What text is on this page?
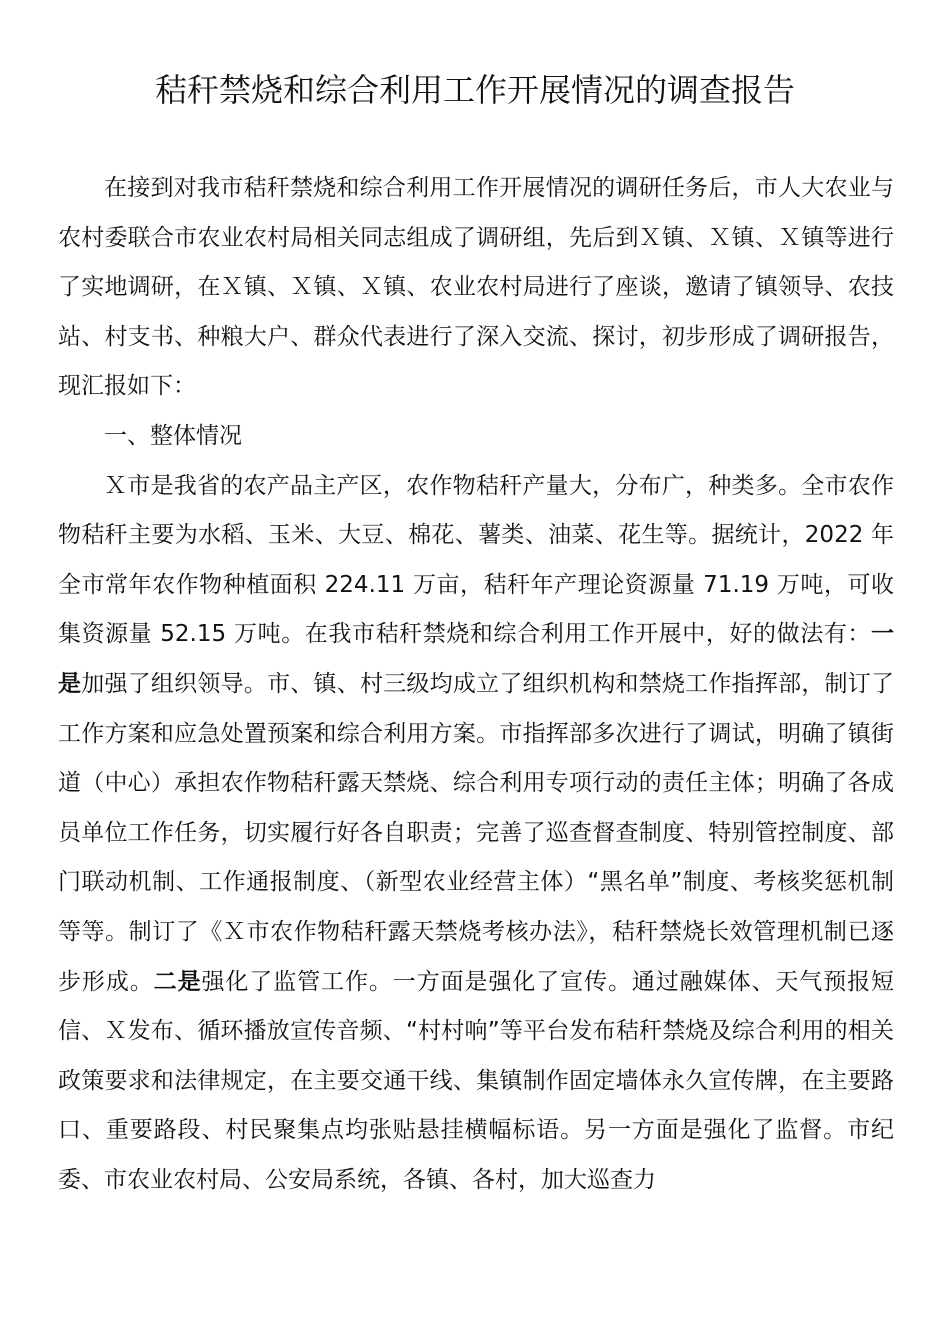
秸秆禁烧和综合利用工作开展情况的调查报告

在接到对我市秸秆禁烧和综合利用工作开展情况的调研任务后，市人大农业与农村委联合市农业农村局相关同志组成了调研组，先后到Ｘ镇、Ｘ镇、Ｘ镇等进行了实地调研，在Ｘ镇、Ｘ镇、Ｘ镇、农业农村局进行了座谈，邀请了镇领导、农技站、村支书、种粮大户、群众代表进行了深入交流、探讨，初步形成了调研报告，现汇报如下：

一、整体情况

Ｘ市是我省的农产品主产区，农作物秸秆产量大，分布广，种类多。全市农作物秸秆主要为水稻、玉米、大豆、棉花、薯类、油菜、花生等。据统计，2022 年全市常年农作物种植面积 224.11 万亩，秸秆年产理论资源量 71.19 万吨，可收集资源量 52.15 万吨。在我市秸秆禁烧和综合利用工作开展中，好的做法有：一是加强了组织领导。市、镇、村三级均成立了组织机构和禁烧工作指挥部，制订了工作方案和应急处置预案和综合利用方案。市指挥部多次进行了调试，明确了镇街道（中心）承担农作物秸秆露天禁烧、综合利用专项行动的责任主体；明确了各成员单位工作任务，切实履行好各自职责；完善了巡查督查制度、特别管控制度、部门联动机制、工作通报制度、（新型农业经营主体）“黑名单”制度、考核奖惩机制等等。制订了《Ｘ市农作物秸秆露天禁烧考核办法》，秸秆禁烧长效管理机制已逐步形成。二是强化了监管工作。一方面是强化了宣传。通过融媒体、天气预报短信、Ｘ发布、循环播放宣传音频、“村村响”等平台发布秸秆禁烧及综合利用的相关政策要求和法律规定，在主要交通干线、集镇制作固定墙体永久宣传牌，在主要路口、重要路段、村民聚集点均张贴悬挂横幅标语。另一方面是强化了监督。市纪委、市农业农村局、公安局系统，各镇、各村，加大巡查力
